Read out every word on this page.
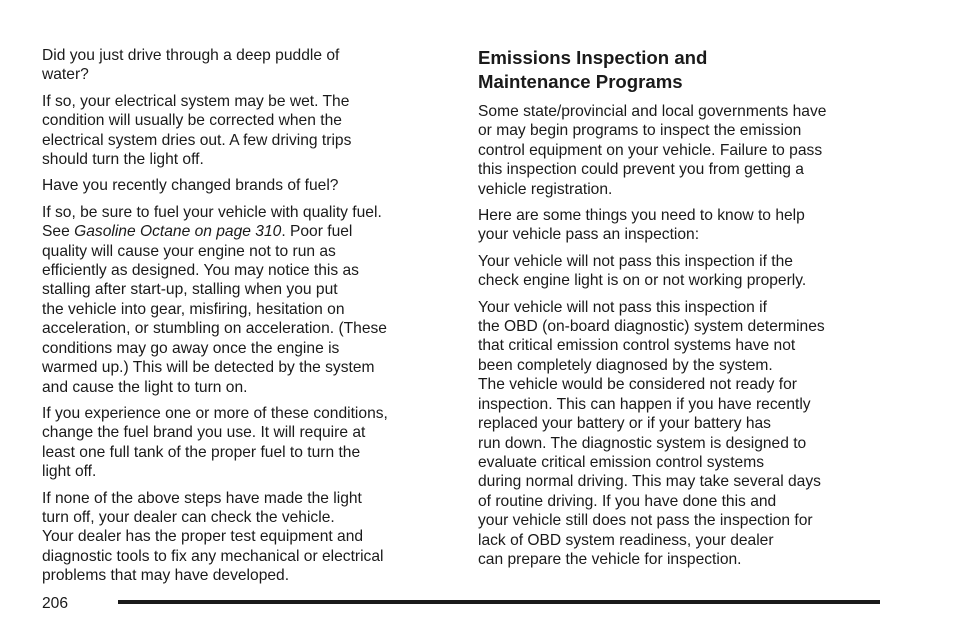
Did you just drive through a deep puddle of
water?
If so, your electrical system may be wet. The
condition will usually be corrected when the
electrical system dries out. A few driving trips
should turn the light off.
Have you recently changed brands of fuel?
If so, be sure to fuel your vehicle with quality fuel.
See Gasoline Octane on page 310. Poor fuel
quality will cause your engine not to run as
efficiently as designed. You may notice this as
stalling after start-up, stalling when you put
the vehicle into gear, misfiring, hesitation on
acceleration, or stumbling on acceleration. (These
conditions may go away once the engine is
warmed up.) This will be detected by the system
and cause the light to turn on.
If you experience one or more of these conditions,
change the fuel brand you use. It will require at
least one full tank of the proper fuel to turn the
light off.
If none of the above steps have made the light
turn off, your dealer can check the vehicle.
Your dealer has the proper test equipment and
diagnostic tools to fix any mechanical or electrical
problems that may have developed.
Emissions Inspection and
Maintenance Programs
Some state/provincial and local governments have
or may begin programs to inspect the emission
control equipment on your vehicle. Failure to pass
this inspection could prevent you from getting a
vehicle registration.
Here are some things you need to know to help
your vehicle pass an inspection:
Your vehicle will not pass this inspection if the
check engine light is on or not working properly.
Your vehicle will not pass this inspection if
the OBD (on-board diagnostic) system determines
that critical emission control systems have not
been completely diagnosed by the system.
The vehicle would be considered not ready for
inspection. This can happen if you have recently
replaced your battery or if your battery has
run down. The diagnostic system is designed to
evaluate critical emission control systems
during normal driving. This may take several days
of routine driving. If you have done this and
your vehicle still does not pass the inspection for
lack of OBD system readiness, your dealer
can prepare the vehicle for inspection.
206
